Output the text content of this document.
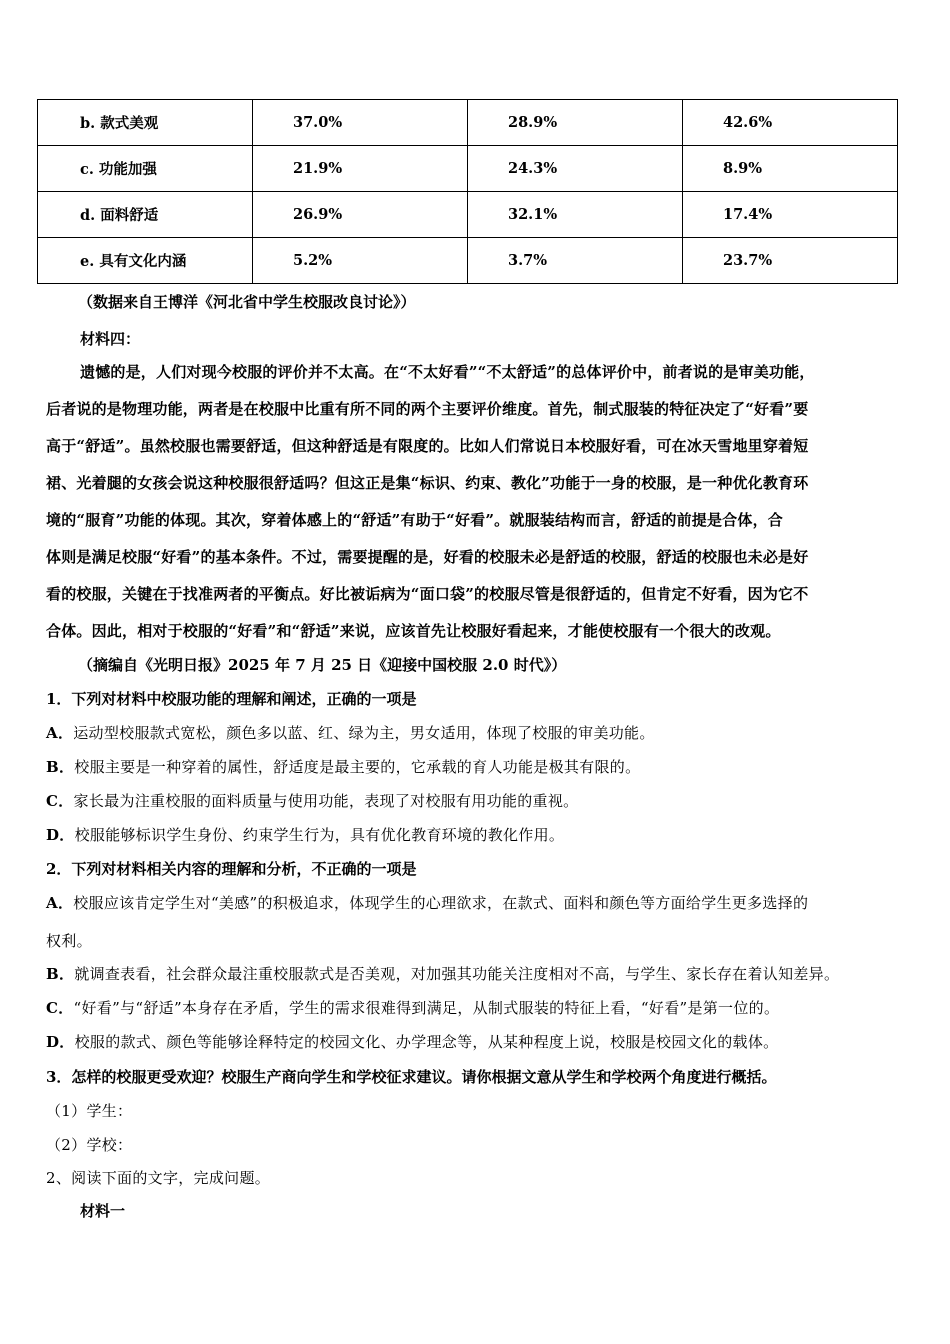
b. 款式美观	37.0%	28.9%	42.6%
c. 功能加强	21.9%	24.3%	8.9%
d. 面料舒适	26.9%	32.1%	17.4%
e. 具有文化内涵	5.2%	3.7%	23.7%
（数据来自王博洋《河北省中学生校服改良讨论》）
材料四：
遗憾的是，人们对现今校服的评价并不太高。在“不太好看”“不太舒适”的总体评价中，前者说的是审美功能，
后者说的是物理功能，两者是在校服中比重有所不同的两个主要评价维度。首先，制式服装的特征决定了“好看”要
高于“舒适”。虽然校服也需要舒适，但这种舒适是有限度的。比如人们常说日本校服好看，可在冰天雪地里穿着短
裙、光着腿的女孩会说这种校服很舒适吗？但这正是集“标识、约束、教化”功能于一身的校服，是一种优化教育环
境的“服育”功能的体现。其次，穿着体感上的“舒适”有助于“好看”。就服装结构而言，舒适的前提是合体，合
体则是满足校服“好看”的基本条件。不过，需要提醒的是，好看的校服未必是舒适的校服，舒适的校服也未必是好
看的校服，关键在于找准两者的平衡点。好比被诟病为“面口袋”的校服尽管是很舒适的，但肯定不好看，因为它不
合体。因此，相对于校服的“好看”和“舒适”来说，应该首先让校服好看起来，才能使校服有一个很大的改观。
（摘编自《光明日报》2025 年 7 月 25 日《迎接中国校服 2.0 时代》）
1．下列对材料中校服功能的理解和阐述，正确的一项是
A．运动型校服款式宽松，颜色多以蓝、红、绿为主，男女适用，体现了校服的审美功能。
B．校服主要是一种穿着的属性，舒适度是最主要的，它承载的育人功能是极其有限的。
C．家长最为注重校服的面料质量与使用功能，表现了对校服有用功能的重视。
D．校服能够标识学生身份、约束学生行为，具有优化教育环境的教化作用。
2．下列对材料相关内容的理解和分析，不正确的一项是
A．校服应该肯定学生对“美感”的积极追求，体现学生的心理欲求，在款式、面料和颜色等方面给学生更多选择的
权利。
B．就调查表看，社会群众最注重校服款式是否美观，对加强其功能关注度相对不高，与学生、家长存在着认知差异。
C．“好看”与“舒适”本身存在矛盾，学生的需求很难得到满足，从制式服装的特征上看，“好看”是第一位的。
D．校服的款式、颜色等能够诠释特定的校园文化、办学理念等，从某种程度上说，校服是校园文化的载体。
3．怎样的校服更受欢迎？校服生产商向学生和学校征求建议。请你根据文意从学生和学校两个角度进行概括。
（1）学生：
（2）学校：
2、阅读下面的文字，完成问题。
材料一
